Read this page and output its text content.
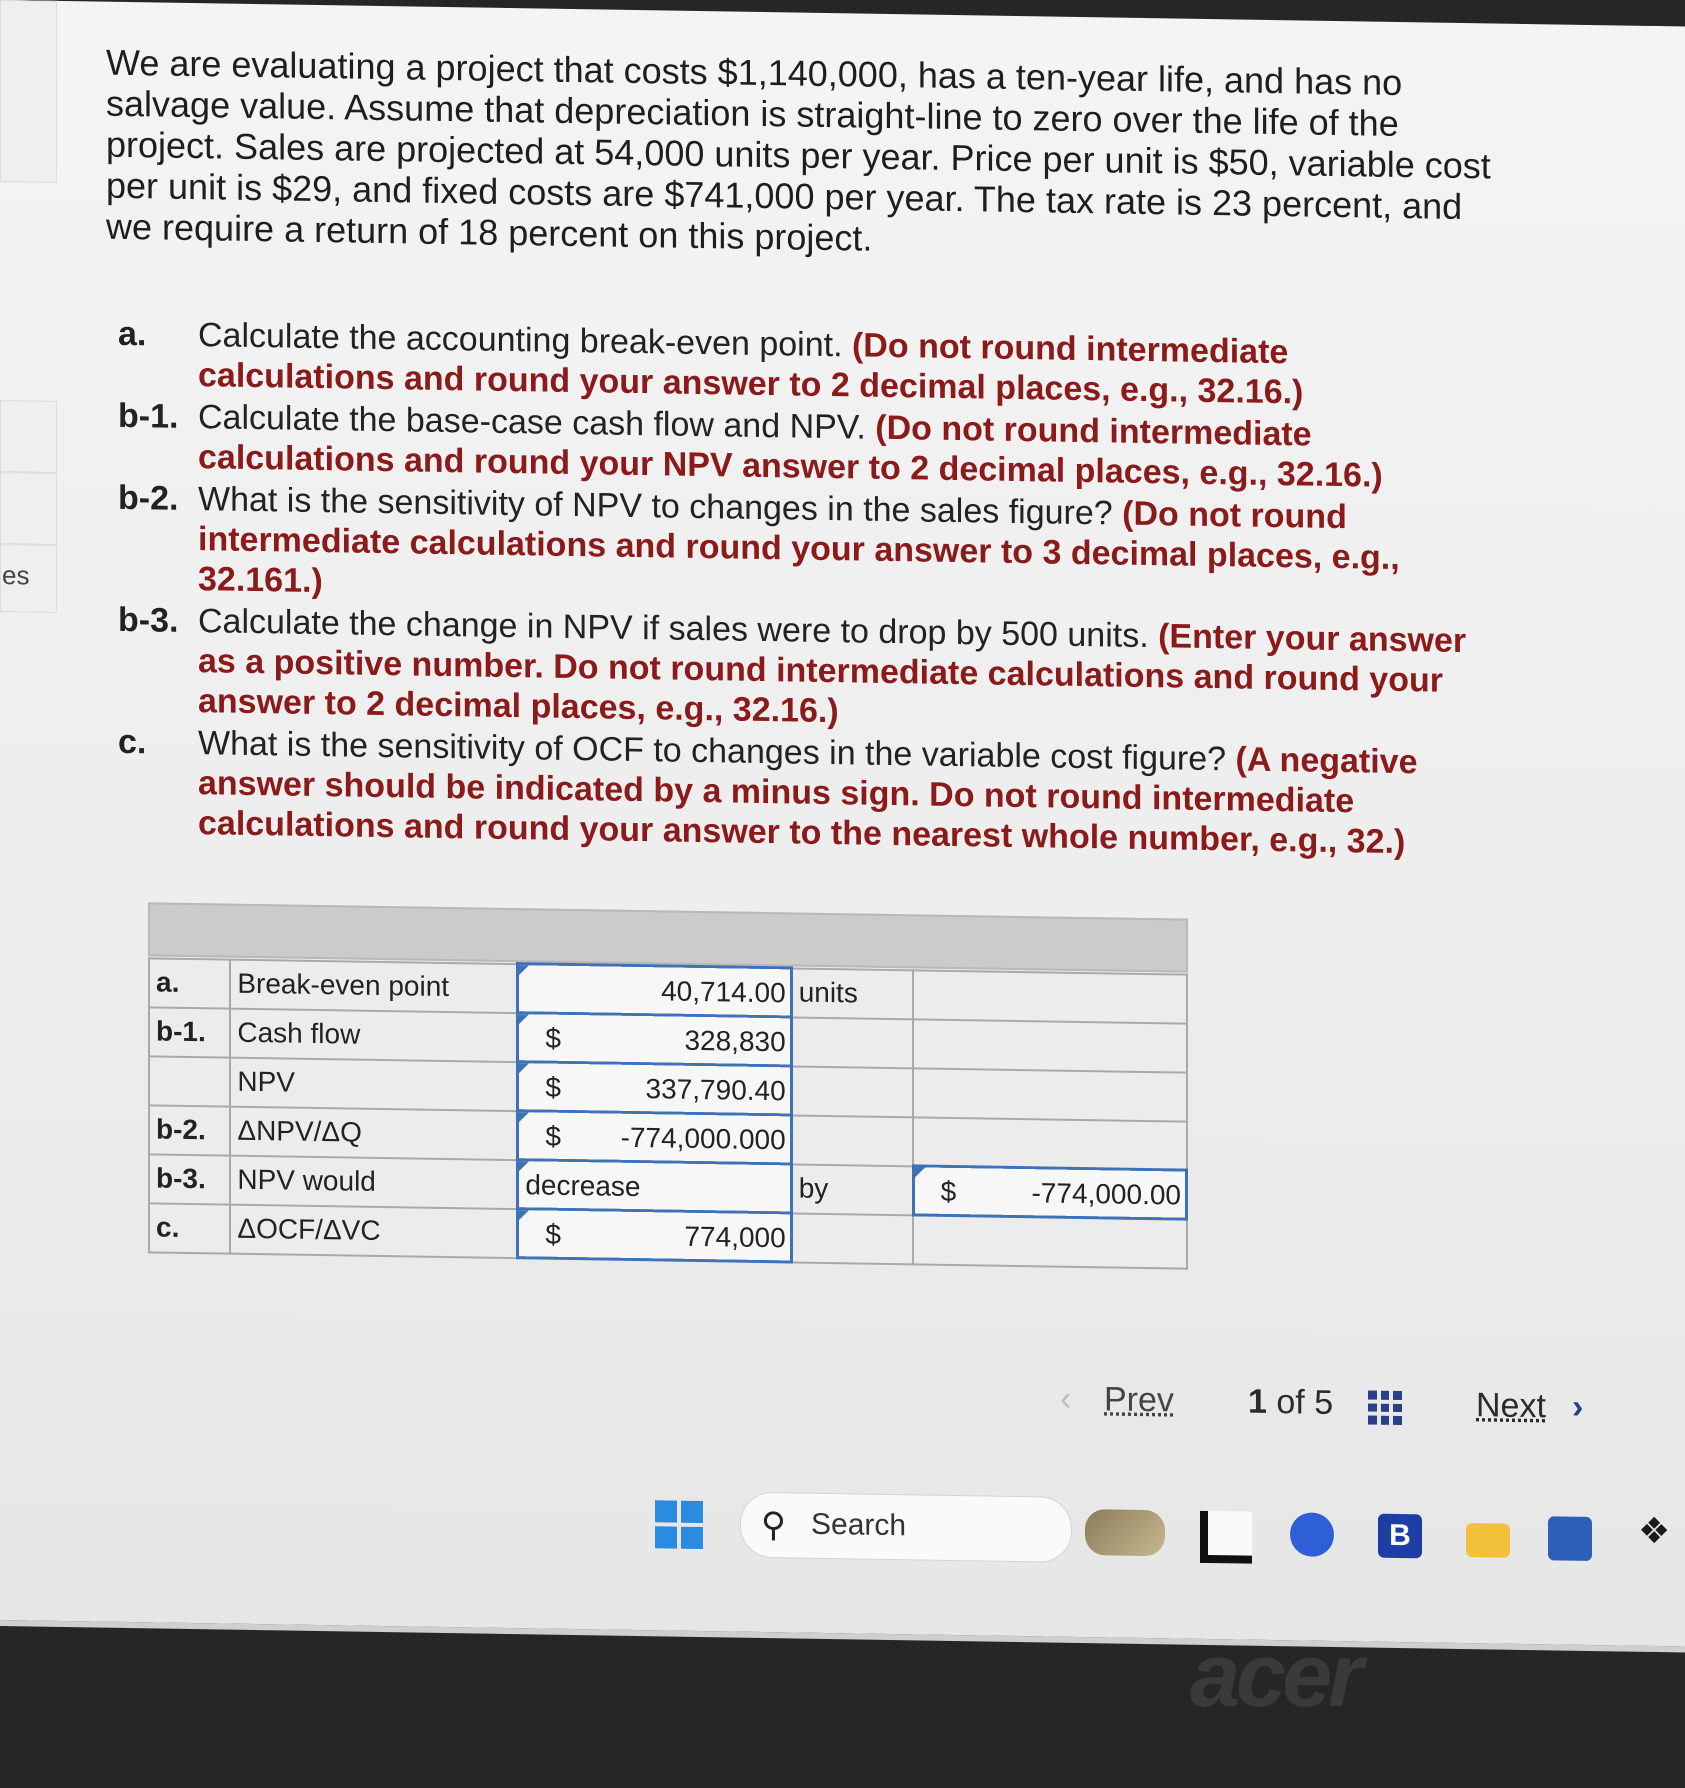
es

We are evaluating a project that costs $1,140,000, has a ten-year life, and has no salvage value. Assume that depreciation is straight-line to zero over the life of the project. Sales are projected at 54,000 units per year. Price per unit is $50, variable cost per unit is $29, and fixed costs are $741,000 per year. The tax rate is 23 percent, and we require a return of 18 percent on this project.

a.	Calculate the accounting break-even point. (Do not round intermediate calculations and round your answer to 2 decimal places, e.g., 32.16.)
b-1. Calculate the base-case cash flow and NPV. (Do not round intermediate calculations and round your NPV answer to 2 decimal places, e.g., 32.16.)
b-2. What is the sensitivity of NPV to changes in the sales figure? (Do not round intermediate calculations and round your answer to 3 decimal places, e.g., 32.161.)
b-3. Calculate the change in NPV if sales were to drop by 500 units. (Enter your answer as a positive number. Do not round intermediate calculations and round your answer to 2 decimal places, e.g., 32.16.)
c.	What is the sensitivity of OCF to changes in the variable cost figure? (A negative answer should be indicated by a minus sign. Do not round intermediate calculations and round your answer to the nearest whole number, e.g., 32.)
a.	Break-even point	40,714.00	units	
b-1.	Cash flow	$ 328,830		

	NPV	$ 337,790.40		

b-2.	ΔNPV/ΔQ	$ -774,000.000		

b-3.	NPV would	decrease	by	$ -774,000.00

c.	ΔOCF/ΔVC	$ 774,000		

‹ Prev 1 of 5	Next ›
⚲ Search	B	❖
acer
